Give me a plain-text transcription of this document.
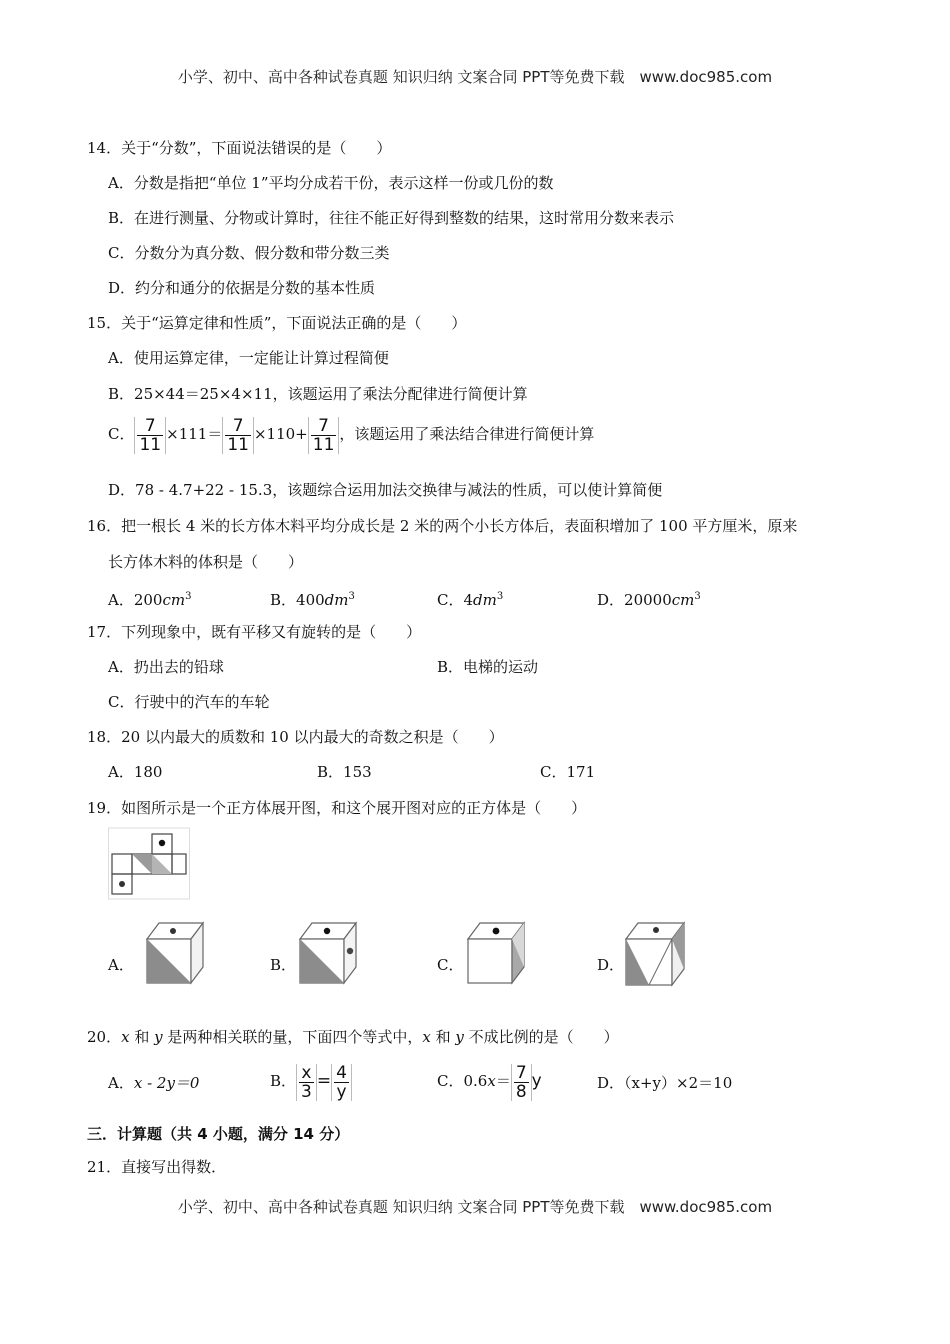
小学、初中、高中各种试卷真题 知识归纳 文案合同 PPT等免费下载　www.doc985.com
14．关于“分数”，下面说法错误的是（　　）
A．分数是指把“单位 1”平均分成若干份，表示这样一份或几份的数
B．在进行测量、分物或计算时，往往不能正好得到整数的结果，这时常用分数来表示
C．分数分为真分数、假分数和带分数三类
D．约分和通分的依据是分数的基本性质
15．关于“运算定律和性质”，下面说法正确的是（　　）
A．使用运算定律，一定能让计算过程简便
B．25×44＝25×4×11，该题运用了乘法分配律进行简便计算
C． $\frac{7}{11} \times 111= \frac{7}{11} \times 110+ \frac{7}{11}$ ，该题运用了乘法结合律进行简便计算
D．78 - 4.7+22 - 15.3，该题综合运用加法交换律与减法的性质，可以使计算简便
16．把一根长 4 米的长方体木料平均分成长是 2 米的两个小长方体后，表面积增加了 100 平方厘米，原来
长方体木料的体积是（　　）
A．$200cm^3$	B．$400dm^3$	C．$4dm^3$	D．$20000cm^3$
17．下列现象中，既有平移又有旋转的是（　　）
A．扔出去的铅球	B．电梯的运动
C．行驶中的汽车的车轮
18．20 以内最大的质数和 10 以内最大的奇数之积是（　　）
A．180	B．153	C．171
19．如图所示是一个正方体展开图，和这个展开图对应的正方体是（　　）
A．	B．	C．	D．
20．x 和 y 是两种相关联的量，下面四个等式中，x 和 y 不成比例的是（　　）
A．x - 2y＝0	B． $\frac{x}{3} = \frac{4}{y}$	C．$0.6x= \frac{7}{8}$ y	D．（x+y）×2＝10
三．计算题（共 4 小题，满分 14 分）
21．直接写出得数．
小学、初中、高中各种试卷真题 知识归纳 文案合同 PPT等免费下载　www.doc985.com
